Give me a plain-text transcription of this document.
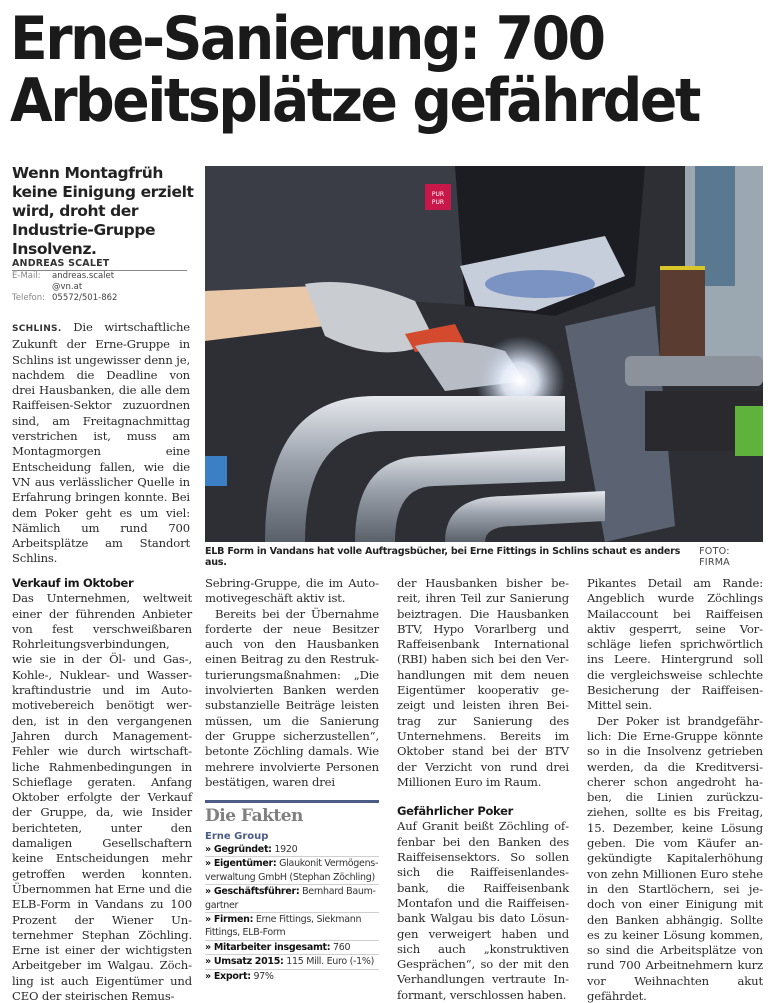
Erne-Sanierung: 700
Arbeitsplätze gefährdet
Wenn Montagfrüh keine Einigung erzielt wird, droht der Industrie-Gruppe Insolvenz.
ANDREAS SCALET
E-Mail:	andreas.scalet
@vn.at
Telefon: 05572/501-862

SCHLINS. Die wirtschaftliche Zukunft der Erne-Gruppe in Schlins ist ungewisser denn je, nachdem die Deadline von drei Hausbanken, die alle dem Raiffeisen-Sektor zuzuordnen sind, am Freitagnachmittag verstrichen ist, muss am Montagmorgen eine Entscheidung fallen, wie die VN aus verlässlicher Quelle in Erfahrung bringen konnte. Bei dem Poker geht es um viel: Nämlich um rund 700 Arbeitsplätze am Standort Schlins.

PUR
PUR
ELB Form in Vandans hat volle Auftragsbücher, bei Erne Fittings in Schlins schaut es anders aus.
FOTO: FIRMA
Verkauf im Oktober

Das Unternehmen, weltweit einer der führenden Anbieter von fest verschweißbaren Rohrleitungsverbindungen, wie sie in der Öl- und Gas-, Kohle-, Nuklear- und Wasserkraftindustrie und im Automotivebereich benötigt werden, ist in den vergangenen Jahren durch Management-Fehler wie durch wirtschaftliche Rahmenbedingungen in Schieflage geraten. Anfang Oktober erfolgte der Verkauf der Gruppe, da, wie Insider berichteten, unter den damaligen Gesellschaftern keine Entscheidungen mehr getroffen werden konnten. Übernommen hat Erne und die ELB-Form in Vandans zu 100 Prozent der Wiener Unternehmer Stephan Zöchling. Erne ist einer der wichtigsten Arbeitgeber im Walgau. Zöchling ist auch Eigentümer und CEO der steirischen Remus-

Sebring-Gruppe, die im Automotivegeschäft aktiv ist.

Bereits bei der Übernahme forderte der neue Besitzer auch von den Hausbanken einen Beitrag zu den Restrukturierungsmaßnahmen: „Die involvierten Banken werden substanzielle Beiträge leisten müssen, um die Sanierung der Gruppe sicherzustellen“, betonte Zöchling damals. Wie mehrere involvierte Personen bestätigen, waren drei

Die Fakten
Erne Group
» Gegründet: 1920
» Eigentümer: Glaukonit Vermögensverwaltung GmbH (Stephan Zöchling)
» Geschäftsführer: Bernhard Baumgartner
» Firmen: Erne Fittings, Siekmann Fittings, ELB-Form
» Mitarbeiter insgesamt: 760
» Umsatz 2015: 115 Mill. Euro (-1%)
» Export: 97%

der Hausbanken bisher bereit, ihren Teil zur Sanierung beiztragen. Die Hausbanken BTV, Hypo Vorarlberg und Raffeisenbank International (RBI) haben sich bei den Verhandlungen mit dem neuen Eigentümer kooperativ gezeigt und leisten ihren Beitrag zur Sanierung des Unternehmens. Bereits im Oktober stand bei der BTV der Verzicht von rund drei Millionen Euro im Raum.

Gefährlicher Poker

Auf Granit beißt Zöchling offenbar bei den Banken des Raiffeisensektors. So sollen sich die Raiffeisenlandesbank, die Raiffeisenbank Montafon und die Raiffeisenbank Walgau bis dato Lösungen verweigert haben und sich auch „konstruktiven Gesprächen“, so der mit den Verhandlungen vertraute Informant, verschlossen haben.

Pikantes Detail am Rande: Angeblich wurde Zöchlings Mailaccount bei Raiffeisen aktiv gesperrt, seine Vorschläge liefen sprichwörtlich ins Leere. Hintergrund soll die vergleichsweise schlechte Besicherung der Raiffeisen-Mittel sein.

Der Poker ist brandgefährlich: Die Erne-Gruppe könnte so in die Insolvenz getrieben werden, da die Kreditversicherer schon angedroht haben, die Linien zurückzuziehen, sollte es bis Freitag, 15. Dezember, keine Lösung geben. Die vom Käufer angekündigte Kapitalerhöhung von zehn Millionen Euro stehe in den Startlöchern, sei jedoch von einer Einigung mit den Banken abhängig. Sollte es zu keiner Lösung kommen, so sind die Arbeitsplätze von rund 700 Arbeitnehmern kurz vor Weihnachten akut gefährdet.
